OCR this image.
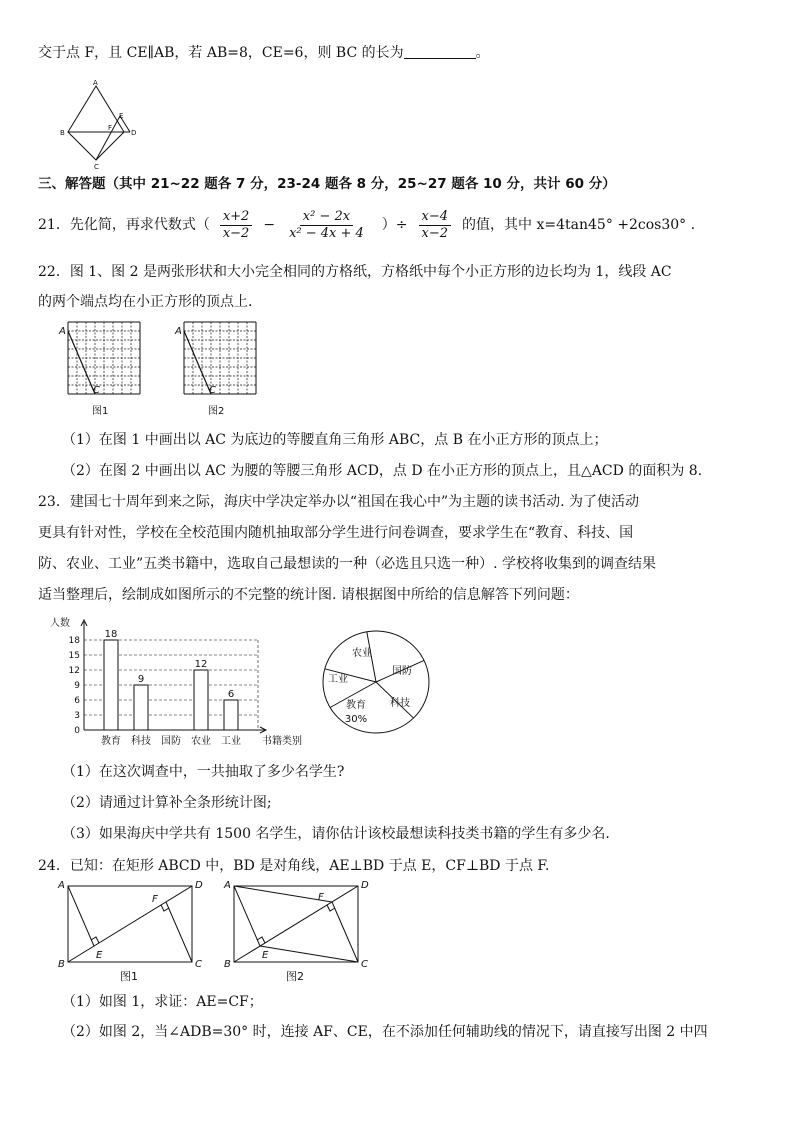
交于点 F，且 CE∥AB，若 AB=8，CE=6，则 BC 的长为	。
A
B
C
D
E
F
三、解答题（其中 21~22 题各 7 分，23-24 题各 8 分，25~27 题各 10 分，共计 60 分）
21．先化简，再求代数式（ $\frac{x+2}{x-2} - \frac{\text{x² − 2x}}{\text{x² − 4x + 4}}$ ）÷ $\frac{x-4}{x-2}$ 的值，其中 x=4tan45° +2cos30° .
22．图 1、图 2 是两张形状和大小完全相同的方格纸，方格纸中每个小正方形的边长均为 1，线段 AC
的两个端点均在小正方形的顶点上.
A
C
图1
A
C
图2
（1）在图 1 中画出以 AC 为底边的等腰直角三角形 ABC，点 B 在小正方形的顶点上；
（2）在图 2 中画出以 AC 为腰的等腰三角形 ACD，点 D 在小正方形的顶点上，且△ACD 的面积为 8.
23．建国七十周年到来之际，海庆中学决定举办以“祖国在我心中”为主题的读书活动. 为了使活动
更具有针对性，学校在全校范围内随机抽取部分学生进行问卷调查，要求学生在“教育、科技、国
防、农业、工业”五类书籍中，选取自己最想读的一种（必选且只选一种）. 学校将收集到的调查结果
适当整理后，绘制成如图所示的不完整的统计图. 请根据图中所给的信息解答下列问题：
人数
0
3
6
9
12
15
18
18
教育
9
科技 国防
12
农业
6
工业 书籍类别
农业
国防
工业
科技
教育
30%
（1）在这次调查中，一共抽取了多少名学生?
（2）请通过计算补全条形统计图;
（3）如果海庆中学共有 1500 名学生，请你估计该校最想读科技类书籍的学生有多少名.
24．已知：在矩形 ABCD 中，BD 是对角线，AE⊥BD 于点 E，CF⊥BD 于点 F.
A
B	C
D
E
F
图1
A
B	C
D
E
F
图2
（1）如图 1，求证：AE=CF；
（2）如图 2，当∠ADB=30° 时，连接 AF、CE，在不添加任何辅助线的情况下，请直接写出图 2 中四
